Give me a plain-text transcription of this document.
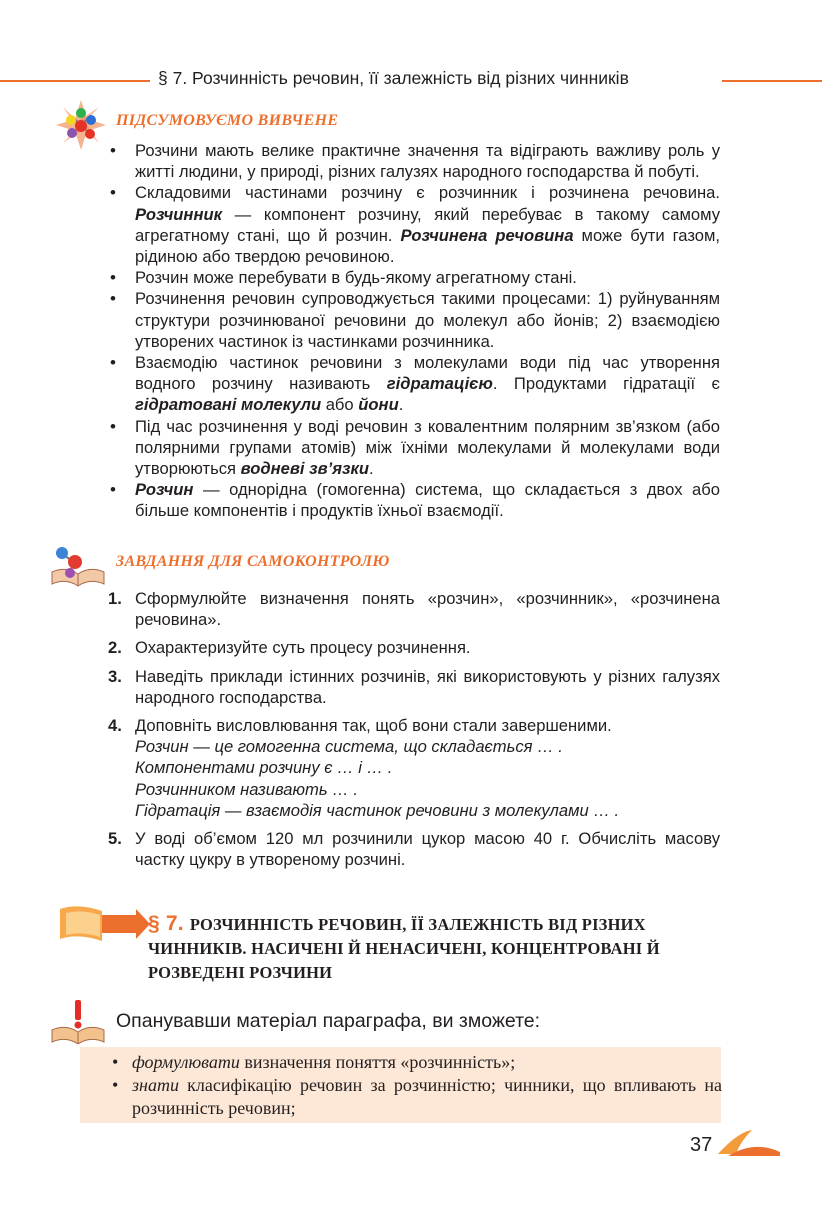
§ 7. Розчинність речовин, її залежність від різних чинників
ПІДСУМОВУЄМО ВИВЧЕНЕ
• Розчини мають велике практичне значення та відіграють важливу роль у житті людини, у природі, різних галузях народного господарства й побуті.
• Складовими частинами розчину є розчинник і розчинена речовина. Розчинник — компонент розчину, який перебуває в такому самому агрегатному стані, що й розчин. Розчинена речовина може бути газом, рідиною або твердою речовиною.
• Розчин може перебувати в будь-якому агрегатному стані.
• Розчинення речовин супроводжується такими процесами: 1) руйнуванням структури розчинюваної речовини до молекул або йонів; 2) взаємодією утворених частинок із частинками розчинника.
• Взаємодію частинок речовини з молекулами води під час утворення водного розчину називають гідратацією. Продуктами гідратації є гідратовані молекули або йони.
• Під час розчинення у воді речовин з ковалентним полярним зв’язком (або полярними групами атомів) між їхніми молекулами й молекулами води утворюються водневі зв’язки.
• Розчин — однорідна (гомогенна) система, що складається з двох або більше компонентів і продуктів їхньої взаємодії.
ЗАВДАННЯ ДЛЯ САМОКОНТРОЛЮ
1. Сформулюйте визначення понять «розчин», «розчинник», «розчинена речовина».
2. Охарактеризуйте суть процесу розчинення.
3. Наведіть приклади істинних розчинів, які використовують у різних галузях народного господарства.
4. Доповніть висловлювання так, щоб вони стали завершеними.
Розчин — це гомогенна система, що складається … .
Компонентами розчину є … і … .
Розчинником називають … .
Гідратація — взаємодія частинок речовини з молекулами … .
5. У воді об’ємом 120 мл розчинили цукор масою 40 г. Обчисліть масову частку цукру в утвореному розчині.
§ 7. РОЗЧИННІСТЬ РЕЧОВИН, ЇЇ ЗАЛЕЖНІСТЬ ВІД РІЗНИХ ЧИННИКІВ. НАСИЧЕНІ Й НЕНАСИЧЕНІ, КОНЦЕНТРОВАНІ Й РОЗВЕДЕНІ РОЗЧИНИ
Опанувавши матеріал параграфа, ви зможете:
• формулювати визначення поняття «розчинність»;
• знати класифікацію речовин за розчинністю; чинники, що впливають на розчинність речовин;
37
